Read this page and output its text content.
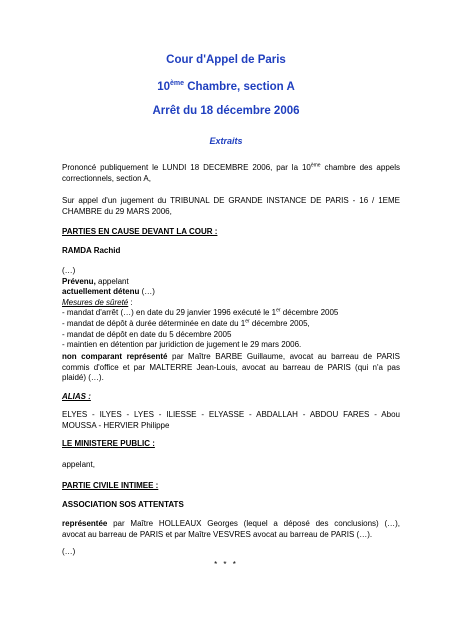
Cour d'Appel de Paris
10ème Chambre, section A
Arrêt du 18 décembre 2006
Extraits
Prononcé publiquement le LUNDI 18 DECEMBRE 2006, par la 10ème chambre des appels
correctionnels, section A,
Sur appel d'un jugement du TRIBUNAL DE GRANDE INSTANCE DE PARIS - 16 / 1EME
CHAMBRE du 29 MARS 2006,
PARTIES EN CAUSE DEVANT LA COUR :
RAMDA Rachid
(…)
Prévenu, appelant
actuellement détenu (…)
Mesures de sûreté :
- mandat d'arrêt (…) en date du 29 janvier 1996 exécuté le 1er décembre 2005
- mandat de dépôt à durée déterminée en date du 1er décembre 2005,
- mandat de dépôt en date du 5 décembre 2005
- maintien en détention par juridiction de jugement le 29 mars 2006.
non comparant représenté par Maître BARBE Guillaume, avocat au barreau de PARIS
commis d'office et par MALTERRE Jean-Louis, avocat au barreau de PARIS (qui n'a pas
plaidé) (…).
ALIAS :
ELYES - ILYES - LYES - ILIESSE - ELYASSE - ABDALLAH - ABDOU FARES - Abou
MOUSSA - HERVIER Philippe
LE MINISTERE PUBLIC :
appelant,
PARTIE CIVILE INTIMEE :
ASSOCIATION SOS ATTENTATS
représentée par Maître HOLLEAUX Georges (lequel a déposé des conclusions) (…),
avocat au barreau de PARIS et par Maître VESVRES avocat au barreau de PARIS (…).
(…)
* * *
